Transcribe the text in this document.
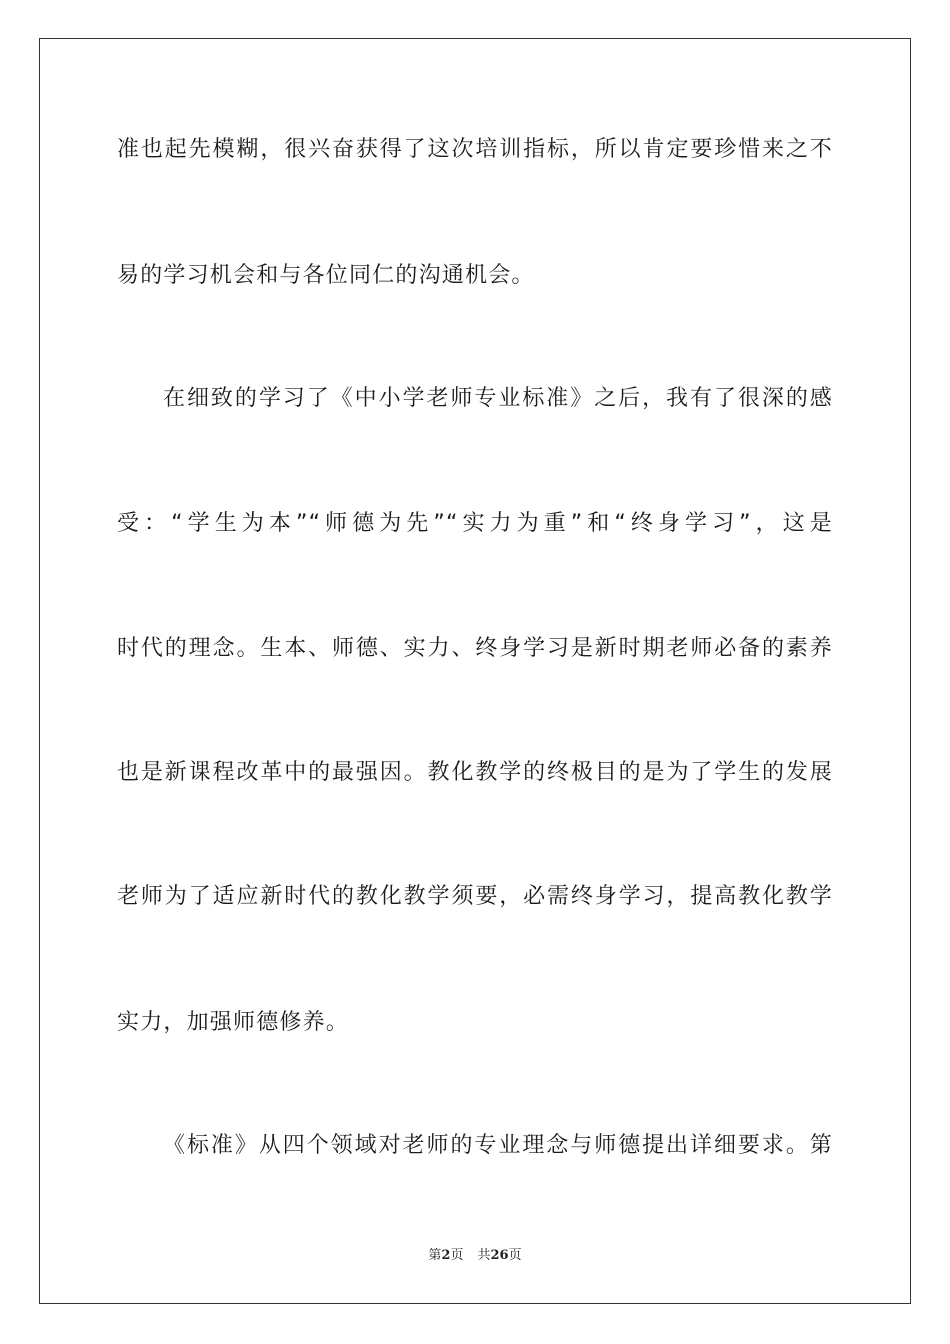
准也起先模糊，很兴奋获得了这次培训指标，所以肯定要珍惜来之不
易的学习机会和与各位同仁的沟通机会。
在细致的学习了《中小学老师专业标准》之后，我有了很深的感
受：“学生为本”“师德为先”“实力为重”和“终身学习”，这是
时代的理念。生本、师德、实力、终身学习是新时期老师必备的素养
也是新课程改革中的最强因。教化教学的终极目的是为了学生的发展
老师为了适应新时代的教化教学须要，必需终身学习，提高教化教学
实力，加强师德修养。
《标准》从四个领域对老师的专业理念与师德提出详细要求。第
第2页 共26页
